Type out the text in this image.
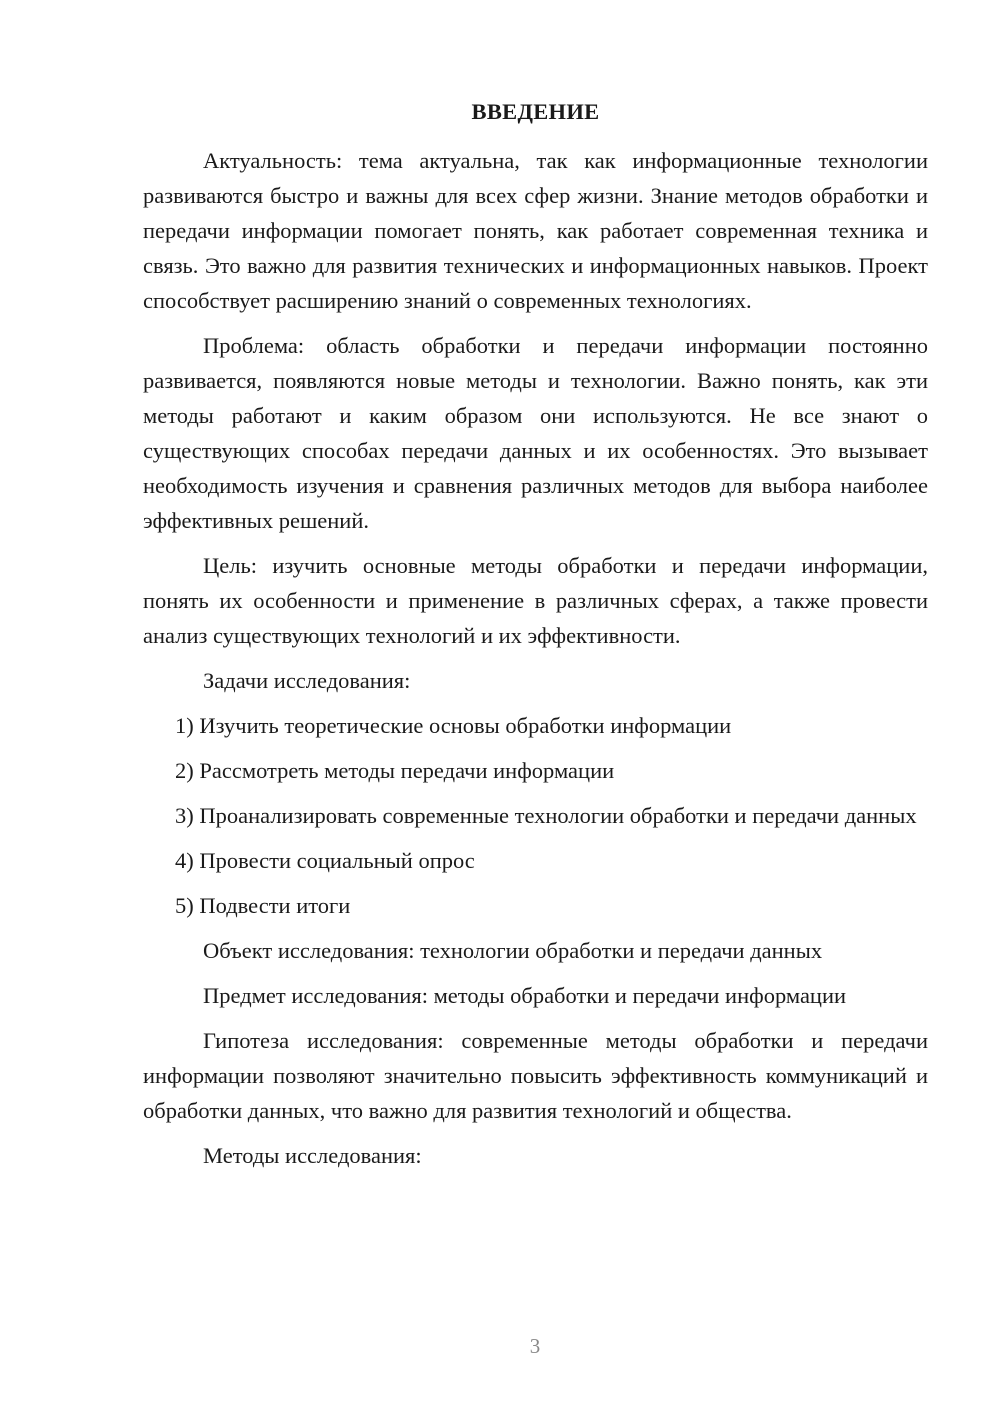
ВВЕДЕНИЕ

Актуальность: тема актуальна, так как информационные технологии развиваются быстро и важны для всех сфер жизни. Знание методов обработки и передачи информации помогает понять, как работает современная техника и связь. Это важно для развития технических и информационных навыков. Проект способствует расширению знаний о современных технологиях.

Проблема: область обработки и передачи информации постоянно развивается, появляются новые методы и технологии. Важно понять, как эти методы работают и каким образом они используются. Не все знают о существующих способах передачи данных и их особенностях. Это вызывает необходимость изучения и сравнения различных методов для выбора наиболее эффективных решений.

Цель: изучить основные методы обработки и передачи информации, понять их особенности и применение в различных сферах, а также провести анализ существующих технологий и их эффективности.

Задачи исследования:

1) Изучить теоретические основы обработки информации

2) Рассмотреть методы передачи информации

3) Проанализировать современные технологии обработки и передачи данных

4) Провести социальный опрос

5) Подвести итоги

Объект исследования: технологии обработки и передачи данных

Предмет исследования: методы обработки и передачи информации

Гипотеза исследования: современные методы обработки и передачи информации позволяют значительно повысить эффективность коммуникаций и обработки данных, что важно для развития технологий и общества.

Методы исследования:

3
